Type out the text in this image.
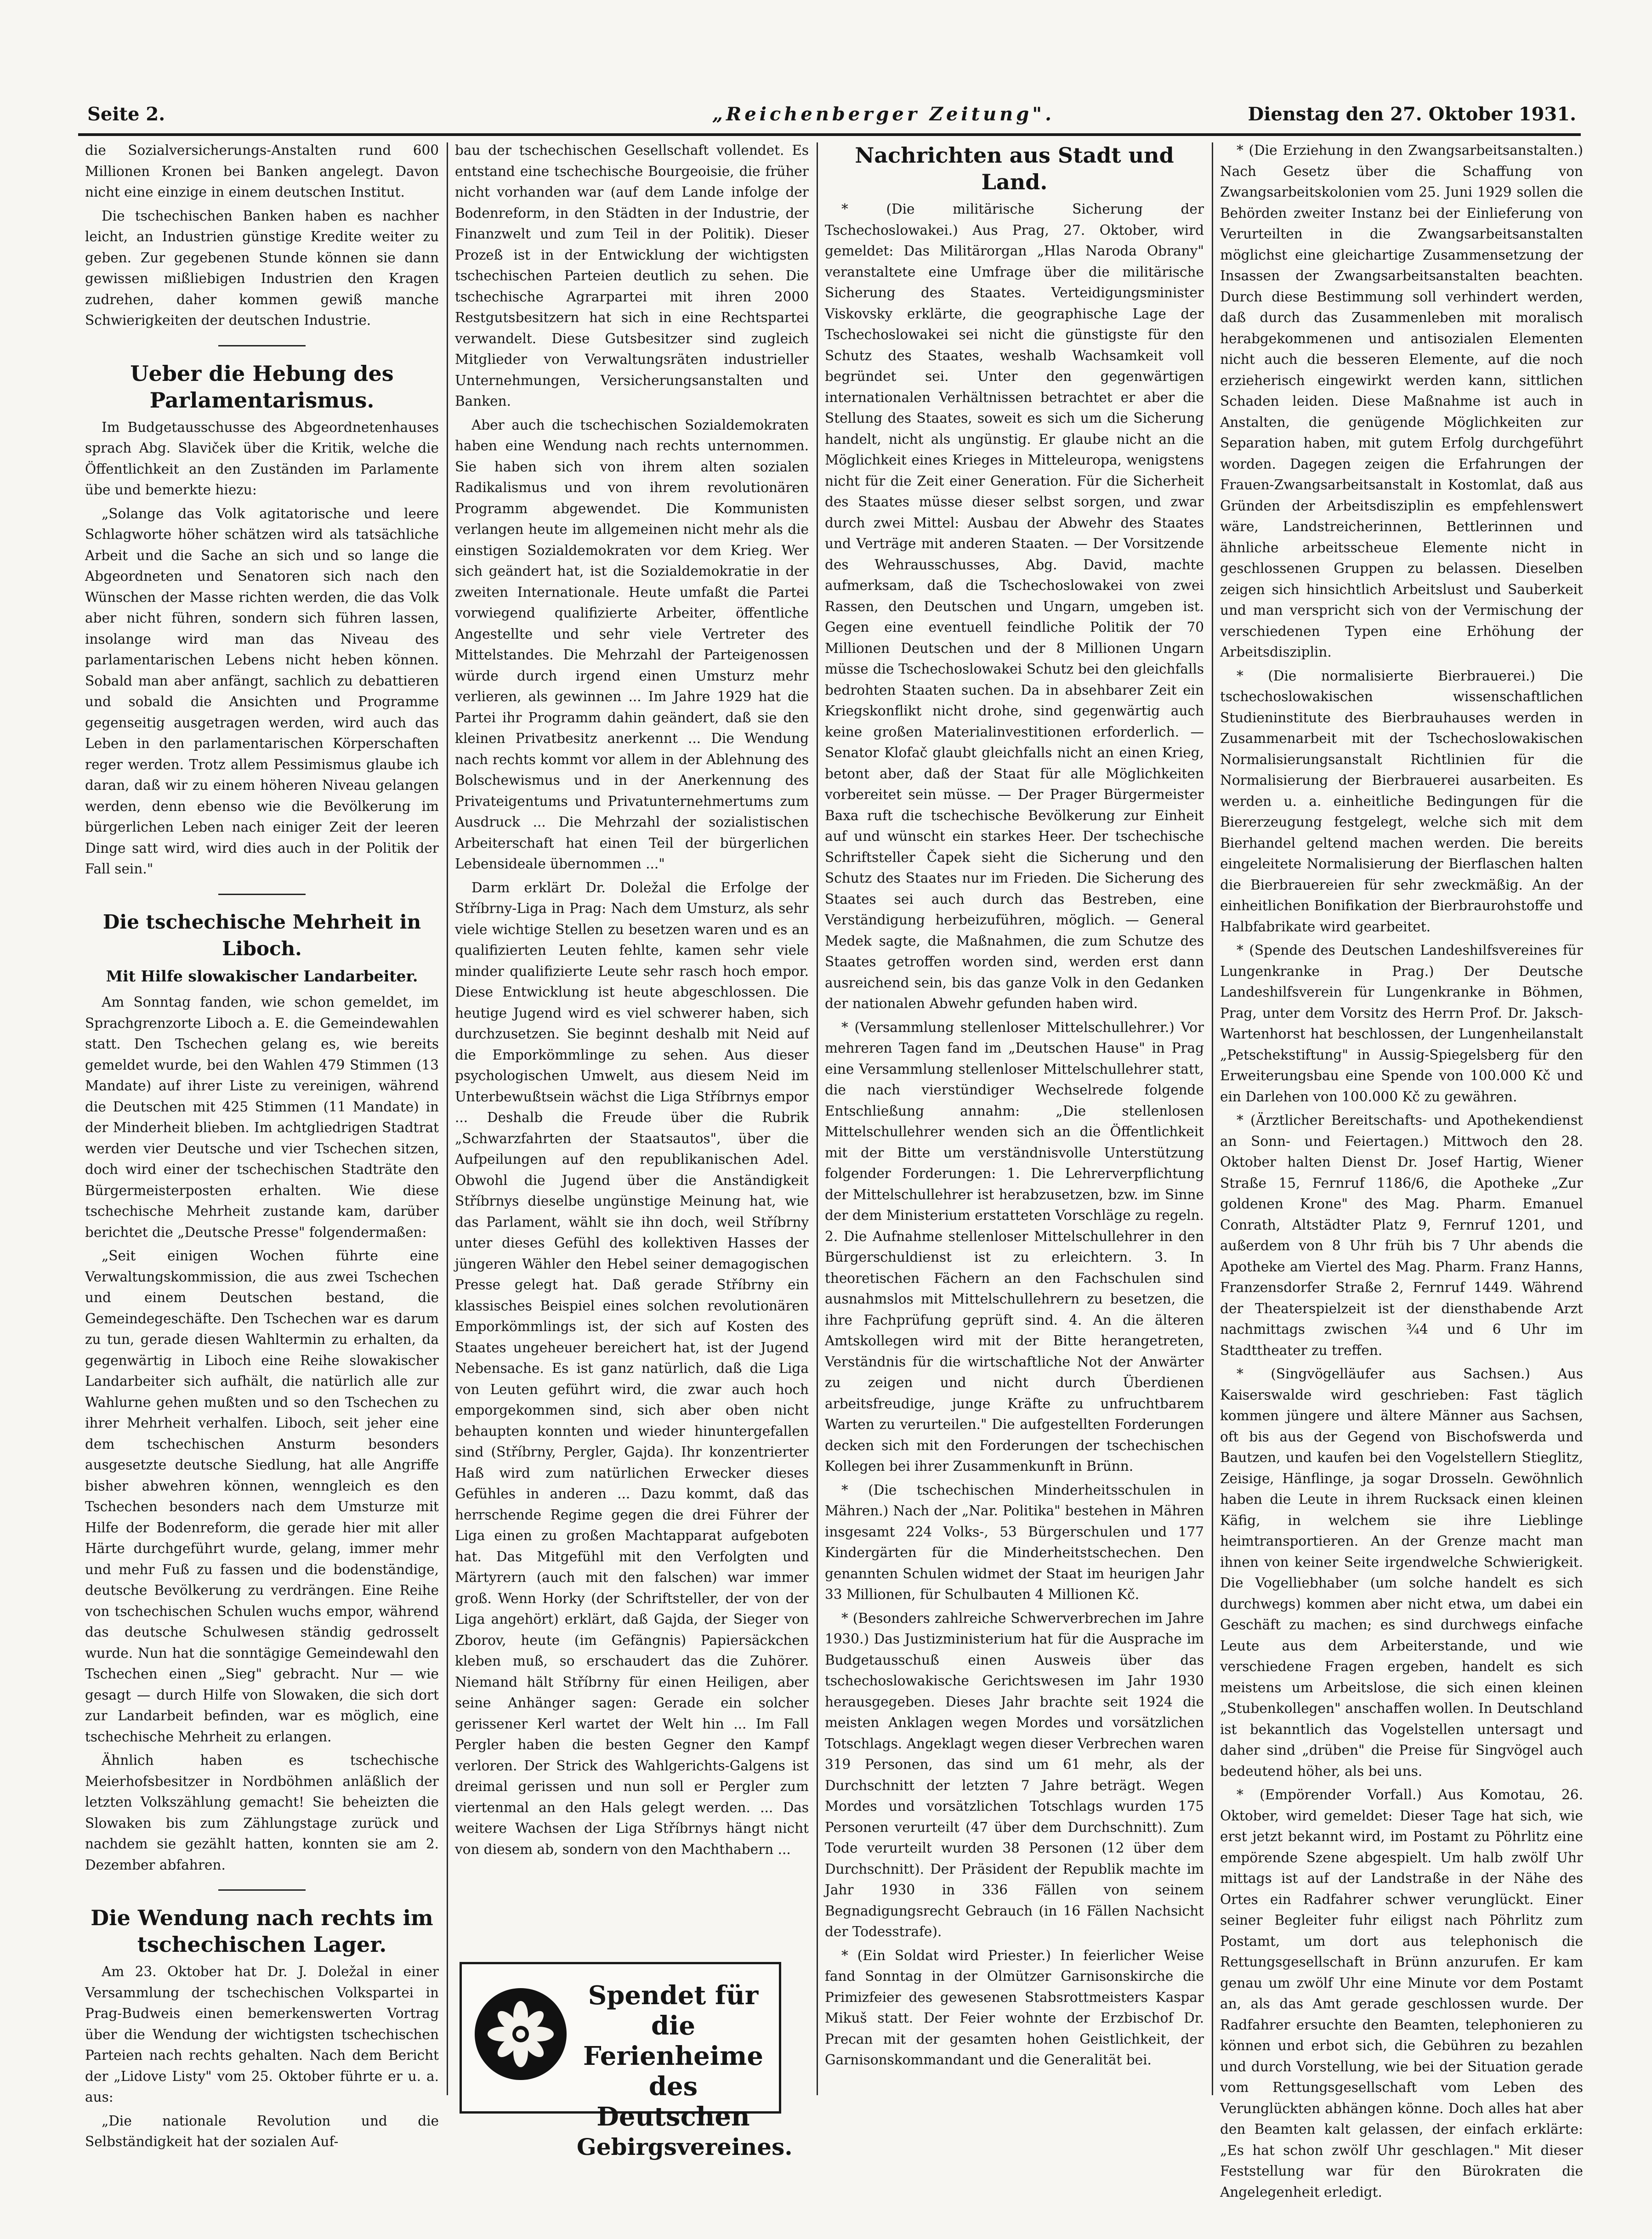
Seite 2.	„Reichenberger Zeitung".	Dienstag den 27. Oktober 1931.

die Sozialversicherungs-Anstalten rund 600 Millionen Kronen bei Banken angelegt. Davon nicht eine einzige in einem deutschen Institut.

Die tschechischen Banken haben es nachher leicht, an Industrien günstige Kredite weiter zu geben. Zur gegebenen Stunde können sie dann gewissen mißliebigen Industrien den Kragen zudrehen, daher kommen gewiß manche Schwierigkeiten der deutschen Industrie.

Ueber die Hebung des Parlamentarismus.

Im Budgetausschusse des Abgeordnetenhauses sprach Abg. Slaviček über die Kritik, welche die Öffentlichkeit an den Zuständen im Parlamente übe und bemerkte hiezu:

„Solange das Volk agitatorische und leere Schlagworte höher schätzen wird als tatsächliche Arbeit und die Sache an sich und so lange die Abgeordneten und Senatoren sich nach den Wünschen der Masse richten werden, die das Volk aber nicht führen, sondern sich führen lassen, insolange wird man das Niveau des parlamentarischen Lebens nicht heben können. Sobald man aber anfängt, sachlich zu debattieren und sobald die Ansichten und Programme gegenseitig ausgetragen werden, wird auch das Leben in den parlamentarischen Körperschaften reger werden. Trotz allem Pessimismus glaube ich daran, daß wir zu einem höheren Niveau gelangen werden, denn ebenso wie die Bevölkerung im bürgerlichen Leben nach einiger Zeit der leeren Dinge satt wird, wird dies auch in der Politik der Fall sein."

Die tschechische Mehrheit in Liboch.
Mit Hilfe slowakischer Landarbeiter.

Am Sonntag fanden, wie schon gemeldet, im Sprachgrenzorte Liboch a. E. die Gemeindewahlen statt. Den Tschechen gelang es, wie bereits gemeldet wurde, bei den Wahlen 479 Stimmen (13 Mandate) auf ihrer Liste zu vereinigen, während die Deutschen mit 425 Stimmen (11 Mandate) in der Minderheit blieben. Im achtgliedrigen Stadtrat werden vier Deutsche und vier Tschechen sitzen, doch wird einer der tschechischen Stadträte den Bürgermeisterposten erhalten. Wie diese tschechische Mehrheit zustande kam, darüber berichtet die „Deutsche Presse" folgendermaßen:

„Seit einigen Wochen führte eine Verwaltungskommission, die aus zwei Tschechen und einem Deutschen bestand, die Gemeindegeschäfte. Den Tschechen war es darum zu tun, gerade diesen Wahltermin zu erhalten, da gegenwärtig in Liboch eine Reihe slowakischer Landarbeiter sich aufhält, die natürlich alle zur Wahlurne gehen mußten und so den Tschechen zu ihrer Mehrheit verhalfen. Liboch, seit jeher eine dem tschechischen Ansturm besonders ausgesetzte deutsche Siedlung, hat alle Angriffe bisher abwehren können, wenngleich es den Tschechen besonders nach dem Umsturze mit Hilfe der Bodenreform, die gerade hier mit aller Härte durchgeführt wurde, gelang, immer mehr und mehr Fuß zu fassen und die bodenständige, deutsche Bevölkerung zu verdrängen. Eine Reihe von tschechischen Schulen wuchs empor, während das deutsche Schulwesen ständig gedrosselt wurde. Nun hat die sonntägige Gemeindewahl den Tschechen einen „Sieg" gebracht. Nur — wie gesagt — durch Hilfe von Slowaken, die sich dort zur Landarbeit befinden, war es möglich, eine tschechische Mehrheit zu erlangen.

Ähnlich haben es tschechische Meierhofsbesitzer in Nordböhmen anläßlich der letzten Volkszählung gemacht! Sie beheizten die Slowaken bis zum Zählungstage zurück und nachdem sie gezählt hatten, konnten sie am 2. Dezember abfahren.

Die Wendung nach rechts im tschechischen Lager.

Am 23. Oktober hat Dr. J. Doležal in einer Versammlung der tschechischen Volkspartei in Prag-Budweis einen bemerkenswerten Vortrag über die Wendung der wichtigsten tschechischen Parteien nach rechts gehalten. Nach dem Bericht der „Lidove Listy" vom 25. Oktober führte er u. a. aus:

„Die nationale Revolution und die Selbständigkeit hat der sozialen Auf-

bau der tschechischen Gesellschaft vollendet. Es entstand eine tschechische Bourgeoisie, die früher nicht vorhanden war (auf dem Lande infolge der Bodenreform, in den Städten in der Industrie, der Finanzwelt und zum Teil in der Politik). Dieser Prozeß ist in der Entwicklung der wichtigsten tschechischen Parteien deutlich zu sehen. Die tschechische Agrarpartei mit ihren 2000 Restgutsbesitzern hat sich in eine Rechtspartei verwandelt. Diese Gutsbesitzer sind zugleich Mitglieder von Verwaltungsräten industrieller Unternehmungen, Versicherungsanstalten und Banken.

Aber auch die tschechischen Sozialdemokraten haben eine Wendung nach rechts unternommen. Sie haben sich von ihrem alten sozialen Radikalismus und von ihrem revolutionären Programm abgewendet. Die Kommunisten verlangen heute im allgemeinen nicht mehr als die einstigen Sozialdemokraten vor dem Krieg. Wer sich geändert hat, ist die Sozialdemokratie in der zweiten Internationale. Heute umfaßt die Partei vorwiegend qualifizierte Arbeiter, öffentliche Angestellte und sehr viele Vertreter des Mittelstandes. Die Mehrzahl der Parteigenossen würde durch irgend einen Umsturz mehr verlieren, als gewinnen ... Im Jahre 1929 hat die Partei ihr Programm dahin geändert, daß sie den kleinen Privatbesitz anerkennt ... Die Wendung nach rechts kommt vor allem in der Ablehnung des Bolschewismus und in der Anerkennung des Privateigentums und Privatunternehmertums zum Ausdruck ... Die Mehrzahl der sozialistischen Arbeiterschaft hat einen Teil der bürgerlichen Lebensideale übernommen ..."

Darm erklärt Dr. Doležal die Erfolge der Stříbrny-Liga in Prag: Nach dem Umsturz, als sehr viele wichtige Stellen zu besetzen waren und es an qualifizierten Leuten fehlte, kamen sehr viele minder qualifizierte Leute sehr rasch hoch empor. Diese Entwicklung ist heute abgeschlossen. Die heutige Jugend wird es viel schwerer haben, sich durchzusetzen. Sie beginnt deshalb mit Neid auf die Emporkömmlinge zu sehen. Aus dieser psychologischen Umwelt, aus diesem Neid im Unterbewußtsein wächst die Liga Stříbrnys empor ... Deshalb die Freude über die Rubrik „Schwarzfahrten der Staatsautos", über die Aufpeilungen auf den republikanischen Adel. Obwohl die Jugend über die Anständigkeit Stříbrnys dieselbe ungünstige Meinung hat, wie das Parlament, wählt sie ihn doch, weil Stříbrny unter dieses Gefühl des kollektiven Hasses der jüngeren Wähler den Hebel seiner demagogischen Presse gelegt hat. Daß gerade Stříbrny ein klassisches Beispiel eines solchen revolutionären Emporkömmlings ist, der sich auf Kosten des Staates ungeheuer bereichert hat, ist der Jugend Nebensache. Es ist ganz natürlich, daß die Liga von Leuten geführt wird, die zwar auch hoch emporgekommen sind, sich aber oben nicht behaupten konnten und wieder hinuntergefallen sind (Stříbrny, Pergler, Gajda). Ihr konzentrierter Haß wird zum natürlichen Erwecker dieses Gefühles in anderen ... Dazu kommt, daß das herrschende Regime gegen die drei Führer der Liga einen zu großen Machtapparat aufgeboten hat. Das Mitgefühl mit den Verfolgten und Märtyrern (auch mit den falschen) war immer groß. Wenn Horky (der Schriftsteller, der von der Liga angehört) erklärt, daß Gajda, der Sieger von Zborov, heute (im Gefängnis) Papiersäckchen kleben muß, so erschaudert das die Zuhörer. Niemand hält Stříbrny für einen Heiligen, aber seine Anhänger sagen: Gerade ein solcher gerissener Kerl wartet der Welt hin ... Im Fall Pergler haben die besten Gegner den Kampf verloren. Der Strick des Wahlgerichts-Galgens ist dreimal gerissen und nun soll er Pergler zum viertenmal an den Hals gelegt werden. ... Das weitere Wachsen der Liga Stříbrnys hängt nicht von diesem ab, sondern von den Machthabern ...

Spendet für die
Ferienheime
des Deutschen
Gebirgsvereines.
Nachrichten aus Stadt und Land.

* (Die militärische Sicherung der Tschechoslowakei.) Aus Prag, 27. Oktober, wird gemeldet: Das Militärorgan „Hlas Naroda Obrany" veranstaltete eine Umfrage über die militärische Sicherung des Staates. Verteidigungsminister Viskovsky erklärte, die geographische Lage der Tschechoslowakei sei nicht die günstigste für den Schutz des Staates, weshalb Wachsamkeit voll begründet sei. Unter den gegenwärtigen internationalen Verhältnissen betrachtet er aber die Stellung des Staates, soweit es sich um die Sicherung handelt, nicht als ungünstig. Er glaube nicht an die Möglichkeit eines Krieges in Mitteleuropa, wenigstens nicht für die Zeit einer Generation. Für die Sicherheit des Staates müsse dieser selbst sorgen, und zwar durch zwei Mittel: Ausbau der Abwehr des Staates und Verträge mit anderen Staaten. — Der Vorsitzende des Wehrausschusses, Abg. David, machte aufmerksam, daß die Tschechoslowakei von zwei Rassen, den Deutschen und Ungarn, umgeben ist. Gegen eine eventuell feindliche Politik der 70 Millionen Deutschen und der 8 Millionen Ungarn müsse die Tschechoslowakei Schutz bei den gleichfalls bedrohten Staaten suchen. Da in absehbarer Zeit ein Kriegskonflikt nicht drohe, sind gegenwärtig auch keine großen Materialinvestitionen erforderlich. — Senator Klofač glaubt gleichfalls nicht an einen Krieg, betont aber, daß der Staat für alle Möglichkeiten vorbereitet sein müsse. — Der Prager Bürgermeister Baxa ruft die tschechische Bevölkerung zur Einheit auf und wünscht ein starkes Heer. Der tschechische Schriftsteller Čapek sieht die Sicherung und den Schutz des Staates nur im Frieden. Die Sicherung des Staates sei auch durch das Bestreben, eine Verständigung herbeizuführen, möglich. — General Medek sagte, die Maßnahmen, die zum Schutze des Staates getroffen worden sind, werden erst dann ausreichend sein, bis das ganze Volk in den Gedanken der nationalen Abwehr gefunden haben wird.

* (Versammlung stellenloser Mittelschullehrer.) Vor mehreren Tagen fand im „Deutschen Hause" in Prag eine Versammlung stellenloser Mittelschullehrer statt, die nach vierstündiger Wechselrede folgende Entschließung annahm: „Die stellenlosen Mittelschullehrer wenden sich an die Öffentlichkeit mit der Bitte um verständnisvolle Unterstützung folgender Forderungen: 1. Die Lehrerverpflichtung der Mittelschullehrer ist herabzusetzen, bzw. im Sinne der dem Ministerium erstatteten Vorschläge zu regeln. 2. Die Aufnahme stellenloser Mittelschullehrer in den Bürgerschuldienst ist zu erleichtern. 3. In theoretischen Fächern an den Fachschulen sind ausnahmslos mit Mittelschullehrern zu besetzen, die ihre Fachprüfung geprüft sind. 4. An die älteren Amtskollegen wird mit der Bitte herangetreten, Verständnis für die wirtschaftliche Not der Anwärter zu zeigen und nicht durch Überdienen arbeitsfreudige, junge Kräfte zu unfruchtbarem Warten zu verurteilen." Die aufgestellten Forderungen decken sich mit den Forderungen der tschechischen Kollegen bei ihrer Zusammenkunft in Brünn.

* (Die tschechischen Minderheitsschulen in Mähren.) Nach der „Nar. Politika" bestehen in Mähren insgesamt 224 Volks-, 53 Bürgerschulen und 177 Kindergärten für die Minderheitstschechen. Den genannten Schulen widmet der Staat im heurigen Jahr 33 Millionen, für Schulbauten 4 Millionen Kč.

* (Besonders zahlreiche Schwerverbrechen im Jahre 1930.) Das Justizministerium hat für die Ausprache im Budgetausschuß einen Ausweis über das tschechoslowakische Gerichtswesen im Jahr 1930 herausgegeben. Dieses Jahr brachte seit 1924 die meisten Anklagen wegen Mordes und vorsätzlichen Totschlags. Angeklagt wegen dieser Verbrechen waren 319 Personen, das sind um 61 mehr, als der Durchschnitt der letzten 7 Jahre beträgt. Wegen Mordes und vorsätzlichen Totschlags wurden 175 Personen verurteilt (47 über dem Durchschnitt). Zum Tode verurteilt wurden 38 Personen (12 über dem Durchschnitt). Der Präsident der Republik machte im Jahr 1930 in 336 Fällen von seinem Begnadigungsrecht Gebrauch (in 16 Fällen Nachsicht der Todesstrafe).

* (Ein Soldat wird Priester.) In feierlicher Weise fand Sonntag in der Olmützer Garnisonskirche die Primizfeier des gewesenen Stabsrottmeisters Kaspar Mikuš statt. Der Feier wohnte der Erzbischof Dr. Precan mit der gesamten hohen Geistlichkeit, der Garnisonskommandant und die Generalität bei.

* (Die Erziehung in den Zwangsarbeitsanstalten.) Nach Gesetz über die Schaffung von Zwangsarbeitskolonien vom 25. Juni 1929 sollen die Behörden zweiter Instanz bei der Einlieferung von Verurteilten in die Zwangsarbeitsanstalten möglichst eine gleichartige Zusammensetzung der Insassen der Zwangsarbeitsanstalten beachten. Durch diese Bestimmung soll verhindert werden, daß durch das Zusammenleben mit moralisch herabgekommenen und antisozialen Elementen nicht auch die besseren Elemente, auf die noch erzieherisch eingewirkt werden kann, sittlichen Schaden leiden. Diese Maßnahme ist auch in Anstalten, die genügende Möglichkeiten zur Separation haben, mit gutem Erfolg durchgeführt worden. Dagegen zeigen die Erfahrungen der Frauen-Zwangsarbeitsanstalt in Kostomlat, daß aus Gründen der Arbeitsdisziplin es empfehlenswert wäre, Landstreicherinnen, Bettlerinnen und ähnliche arbeitsscheue Elemente nicht in geschlossenen Gruppen zu belassen. Dieselben zeigen sich hinsichtlich Arbeitslust und Sauberkeit und man verspricht sich von der Vermischung der verschiedenen Typen eine Erhöhung der Arbeitsdisziplin.

* (Die normalisierte Bierbrauerei.) Die tschechoslowakischen wissenschaftlichen Studieninstitute des Bierbrauhauses werden in Zusammenarbeit mit der Tschechoslowakischen Normalisierungsanstalt Richtlinien für die Normalisierung der Bierbrauerei ausarbeiten. Es werden u. a. einheitliche Bedingungen für die Biererzeugung festgelegt, welche sich mit dem Bierhandel geltend machen werden. Die bereits eingeleitete Normalisierung der Bierflaschen halten die Bierbrauereien für sehr zweckmäßig. An der einheitlichen Bonifikation der Bierbraurohstoffe und Halbfabrikate wird gearbeitet.

* (Spende des Deutschen Landeshilfsvereines für Lungenkranke in Prag.) Der Deutsche Landeshilfsverein für Lungenkranke in Böhmen, Prag, unter dem Vorsitz des Herrn Prof. Dr. Jaksch-Wartenhorst hat beschlossen, der Lungenheilanstalt „Petschekstiftung" in Aussig-Spiegelsberg für den Erweiterungsbau eine Spende von 100.000 Kč und ein Darlehen von 100.000 Kč zu gewähren.

* (Ärztlicher Bereitschafts- und Apothekendienst an Sonn- und Feiertagen.) Mittwoch den 28. Oktober halten Dienst Dr. Josef Hartig, Wiener Straße 15, Fernruf 1186/6, die Apotheke „Zur goldenen Krone" des Mag. Pharm. Emanuel Conrath, Altstädter Platz 9, Fernruf 1201, und außerdem von 8 Uhr früh bis 7 Uhr abends die Apotheke am Viertel des Mag. Pharm. Franz Hanns, Franzensdorfer Straße 2, Fernruf 1449. Während der Theaterspielzeit ist der diensthabende Arzt nachmittags zwischen ¾4 und 6 Uhr im Stadttheater zu treffen.

* (Singvögelläufer aus Sachsen.) Aus Kaiserswalde wird geschrieben: Fast täglich kommen jüngere und ältere Männer aus Sachsen, oft bis aus der Gegend von Bischofswerda und Bautzen, und kaufen bei den Vogelstellern Stieglitz, Zeisige, Hänflinge, ja sogar Drosseln. Gewöhnlich haben die Leute in ihrem Rucksack einen kleinen Käfig, in welchem sie ihre Lieblinge heimtransportieren. An der Grenze macht man ihnen von keiner Seite irgendwelche Schwierigkeit. Die Vogelliebhaber (um solche handelt es sich durchwegs) kommen aber nicht etwa, um dabei ein Geschäft zu machen; es sind durchwegs einfache Leute aus dem Arbeiterstande, und wie verschiedene Fragen ergeben, handelt es sich meistens um Arbeitslose, die sich einen kleinen „Stubenkollegen" anschaffen wollen. In Deutschland ist bekanntlich das Vogelstellen untersagt und daher sind „drüben" die Preise für Singvögel auch bedeutend höher, als bei uns.

* (Empörender Vorfall.) Aus Komotau, 26. Oktober, wird gemeldet: Dieser Tage hat sich, wie erst jetzt bekannt wird, im Postamt zu Pöhrlitz eine empörende Szene abgespielt. Um halb zwölf Uhr mittags ist auf der Landstraße in der Nähe des Ortes ein Radfahrer schwer verunglückt. Einer seiner Begleiter fuhr eiligst nach Pöhrlitz zum Postamt, um dort aus telephonisch die Rettungsgesellschaft in Brünn anzurufen. Er kam genau um zwölf Uhr eine Minute vor dem Postamt an, als das Amt gerade geschlossen wurde. Der Radfahrer ersuchte den Beamten, telephonieren zu können und erbot sich, die Gebühren zu bezahlen und durch Vorstellung, wie bei der Situation gerade vom Rettungsgesellschaft vom Leben des Verunglückten abhängen könne. Doch alles hat aber den Beamten kalt gelassen, der einfach erklärte: „Es hat schon zwölf Uhr geschlagen." Mit dieser Feststellung war für den Bürokraten die Angelegenheit erledigt.
